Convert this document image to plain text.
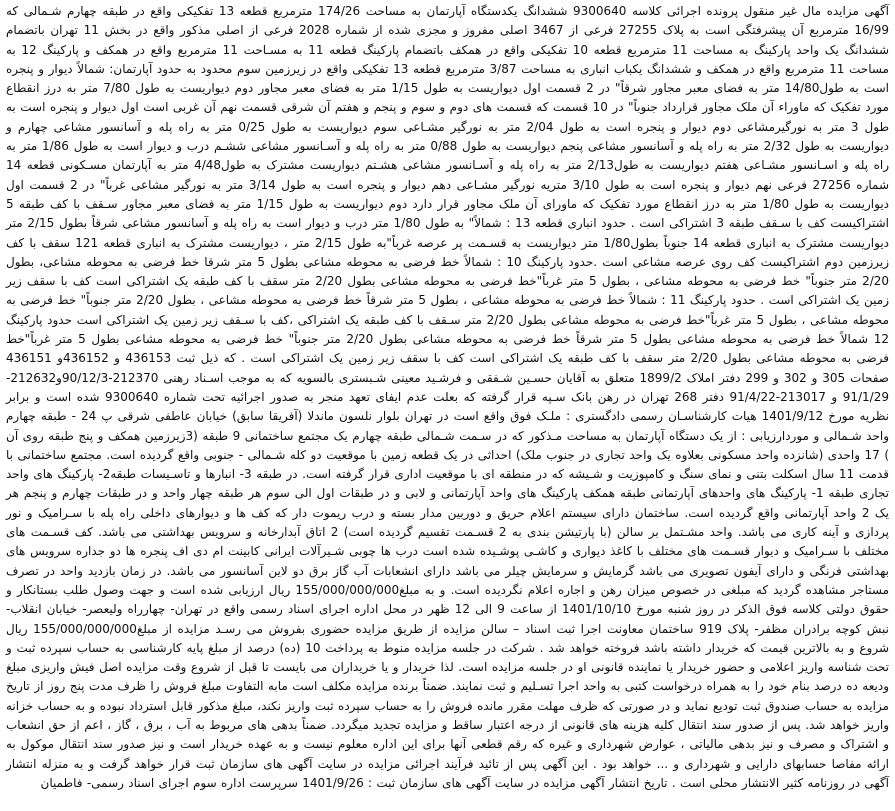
آگهی مزایده مال غیر منقول پرونده اجرائی کلاسه 9300640 ششدانگ یکدستگاه آپارتمان به مساحت 174/26 مترمربع قطعه 13 تفکیکی واقع در طبقه چهارم شـمالی که 16/99 مترمربع آن پیشرفتگی است به پلاک 27255 فرعی از 3467 اصلی مفروز و مجزی شده از شماره 2028 فرعی از اصلی مذکور واقع در بخش 11 تهران باتضمام ششدانگ یک واحد پارکینگ به مساحت 11 مترمربع قطعه 10 تفکیکی واقع در همکف باتضمام پارکینگ قطعه 11 به مسـاحت 11 مترمربع واقع در همکف و پارکینگ 12 به مساحت 11 مترمربع واقع در همکف و ششدانگ یکباب انباری به مساحت 3/87 مترمربع قطعه 13 تفکیکی واقع در زیرزمین سوم محدود به حدود آپارتمان: شمالاً دیوار و پنجره است به طول14/80 متر به فضای معبر مجاور شرقاً" در 2 قسمت اول دیواریست به طول 1/15 متر به فضای معبر مجاور دوم دیواریست به طول 7/80 متر به درز انقطاع مورد تفکیک که ماوراء آن ملک مجاور قرارداد جنوباً" در 10 قسمت که قسمت های دوم و سوم و پنجم و هفتم آن شرقی قسمت نهم آن غربی است اول دیوار و پنجره است به طول 3 متر به نورگیرمشاعی دوم دیوار و پنجره است به طول 2/04 متر به نورگیر مشـاعی سوم دیواریست به طول 0/25 متر به راه پله و آسانسور مشاعی چهارم و دیواریست به طول 2/32 متر به راه پله و آسانسور مشاعی پنجم دیواریست به طول 0/88 متر به راه پله و آسـانسور مشاعی ششـم درب و دیوار است به طول 1/86 متر به راه پله و اسـانسور مشـاعی هفتم دیواریست به طول2/13 متر به راه پله و آسـانسور مشاعی هشـتم دیواریست مشترک به طول4/48 متر به آپارتمان مسـکونی قطعه 14 شماره 27256 فرعی نهم دیوار و پنجره است به طول 3/10 متریه نورگیر مشـاعی دهم دیوار و پنجره است به طول 3/14 متر به نورگیر مشاعی غرباً" در 2 قسمت اول دیواریست به طول 1/80 متر به درز انقطاع مورد تفکیک که ماورای آن ملک مجاور قرار دارد دوم دیواریست به طول 1/15 متر به فضای معبر مجاور سـقف با کف طبقه 5 اشتراکیست کف با سـقف طبقه 3 اشتراکی است . حدود انباری قطعه 13 : شمالاً" به طول 1/80 متر درب و دیوار است به راه پله و آسانسور مشاعی شرقاً بطول 2/15 متر دیواریست مشترک به انباری قطعه 14 جنوباً بطول1/80 متر دیواریست به قسـمت پر عرصه غرباً"به طول 2/15 متر ، دیواریست مشترک به انباری قطعه 121 سقف با کف زیرزمین دوم اشتراکیست کف روی عرصه مشاعی است .حدود پارکینگ 10 : شمالاً خط فرضی به محوطه مشاعی بطول 5 متر شرقا خط فرضی به محوطه مشاعی، بطول 2/20 متر جنوباً" خط فرضی به محوطه مشاعی ، بطول 5 متر غرباً"خط فرضی به محوطه مشاعی بطول 2/20 متر سقف با کف طبقه یک اشتراکی است کف با سقف زیر زمین یک اشتراکی است . حدود پارکینگ 11 : شمالاً خط فرضی به محوطه مشاعی ، بطول 5 متر شرقاً خط فرضی به محوطه مشاعی ، بطول 2/20 متر جنوباً" خط فرضی به محوطه مشاعی ، بطول 5 متر غرباً"خط فرضی به محوطه مشاعی بطول 2/20 متر سـقف با کف طبقه یک اشتراکی ،کف با سـقف زیر زمین یک اشتراکی است حدود پارکینگ 12 شمالاً خط فرضی به محوطه مشاعی بطول 5 متر شرقاً خط فرضی به محوطه مشاعی بطول 2/20 متر جنوباً" خط فرضی به محوطه مشاعی بطول 5 متر غرباً"خط فرضی به محوطه مشاعی بطول 2/20 متر سقف با کف طبقه یک اشتراکی است کف با سقف زیر زمین یک اشتراکی است . که ذیل ثبت 436153 و 436152و 436151 صفحات 305 و 302 و 299 دفتر املاک 1899/2 متعلق به آقایان حسـین شـفقی و فرشـید معینی شـبستری بالسویه که به موجب اسـناد رهنی 212370-90/12/3و212632-91/1/29 و 213017-91/4/22 دفتر 268 تهران در رهن بانک سـپه قرار گرفته که بعلت عدم ایفای تعهد منجر به صدور اجرائیه تحت شماره 9300640 شده است و برابر نظریه مورخ 1401/9/12 هیات کارشناسـان رسمی دادگستری : ملـک فوق واقع است در تهران بلوار نلسون ماندلا (آفریقا سابق) خیابان عاطفی شرقی پ 24 - طبقه چهارم واحد شـمالی و موردارزیابی : از یک دستگاه آپارتمان به مساحت مـذکور که در سـمت شـمالی طبقه چهارم یک مجتمع ساختمانی 9 طبقه (3زیرزمین همکف و پنج طبقه روی آن ) 17 واحدی (شانزده واحد مسکونی بعلاوه یک واحد تجاری در جنوب ملک) احداثی در یک قطعه زمین با موقعیت دو کله شـمالی - جنوبی واقع گردیده است. مجتمع ساختمانی با قدمت 11 سال اسکلت بتنی و نمای سنگ و کامپوزیت و شـیشه که در منطقه ای با موقعیت اداری قرار گرفته است. در طبقه 3- انبارها و تاسـیسات طبقه2- پارکینگ های واحد تجاری طبقه 1- پارکینگ های واحدهای آپارتمانی طبقه همکف پارکینگ های واحد آپارتمانی و لابی و در طبقات اول الی سوم هر طبقه چهار واحد و در طبقات چهارم و پنجم هر یک 2 واحد آپارتمانی واقع گردیده است. ساختمان دارای سیستم اعلام حریق و دوربین مدار بسته و درب ریموت دار که کف ها و دیوارهای داخلی راه پله با سـرامیک و نور پردازی و آینه کاری می باشد. واحد مشـتمل بر سالن (با پارتیشن بندی به 2 قسـمت تقسیم گردیده است) 2 اتاق آبدارخانه و سرویس بهداشتی می باشد. کف قسـمت های مختلف با سـرامیک و دیوار قسـمت های مختلف با کاغذ دیواری و کاشـی پوشـیده شده است درب ها چوبی شـیرآلات ایرانی کابینت ام دی اف پنجره ها دو جداره سرویس های بهداشتی فرنگی و دارای آیفون تصویری می باشد گرمایش و سرمایش چیلر می باشد دارای انشعابات آب گاز برق دو لاین آسانسور می باشد. در زمان بازدید واحد در تصرف مستاجر مشاهده گردید که مبلغی در خصوص میزان رهن و اجاره اعلام نگردیده است. و به مبلغ155/000/000/000 ریال ارزیابی شده است و جهت وصول طلب بستانکار و حقوق دولتی کلاسه فوق الذکر در روز شنبه مورخ 1401/10/10 از ساعت 9 الی 12 ظهر در محل اداره اجرای اسناد رسمی واقع در تهران- چهارراه ولیعصر- خیابان انقلاب- نبش کوچه برادران مظفر- پلاک 919 ساختمان معاونت اجرا ثبت اسناد – سالن مزایده از طریق مزایده حضوری بفروش می رسـد مزایده از مبلغ155/000/000/000 ریال شروع و به بالاترین قیمت که خریدار داشته باشد فروخته خواهد شد . شرکت در جلسه مزایده منوط به پرداخت 10 (ده) درصد از مبلغ پایه کارشناسی به حساب سپرده ثبت و تحت شناسه واریز اعلامی و حضور خریدار یا نماینده قانونی او در جلسه مزایده است. لذا خریدار و یا خریداران می بایست تا قبل از شروع وقت مزایده اصل فیش واریزی مبلغ ودیعه ده درصد بنام خود را به همراه درخواست کتبی به واحد اجرا تسـلیم و ثبت نمایند. ضمناً برنده مزایده مکلف است مابه التفاوت مبلغ فروش را ظرف مدت پنج روز از تاریخ مزایده به حساب صندوق ثبت تودیع نماید و در صورتی که ظرف مهلت مقرر مانده فروش را به حساب سپرده ثبت واریز نکند، مبلغ مذکور قابل استرداد نبوده و به حساب خزانه واریز خواهد شد. پس از صدور سند انتقال کلیه هزینه های قانونی از درجه اعتبار ساقط و مزایده تجدید میگردد. ضمناً بدهی های مربوط به آب ، برق ، گاز ، اعم از حق انشعاب و اشتراک و مصرف و نیز بدهی مالیاتی ، عوارض شهرداری و غیره که رقم قطعی آنها برای این اداره معلوم نیست و به عهده خریدار است و نیز صدور سند انتقال موکول به ارائه مفاصا حسابهای دارایی و شهرداری و ... خواهد بود . این آگهی پس از تائید فرآیند اجرائی مزایده در سایت آگهی های سازمان ثبت قرار خواهد گرفت و به منزله انتشار آگهی در روزنامه کثیر الانتشار محلی است . تاریخ انتشار آگهی مزایده در سایت آگهی های سازمان ثبت : 1401/9/26 سرپرست اداره سوم اجرای اسناد رسمی- فاطمیان
